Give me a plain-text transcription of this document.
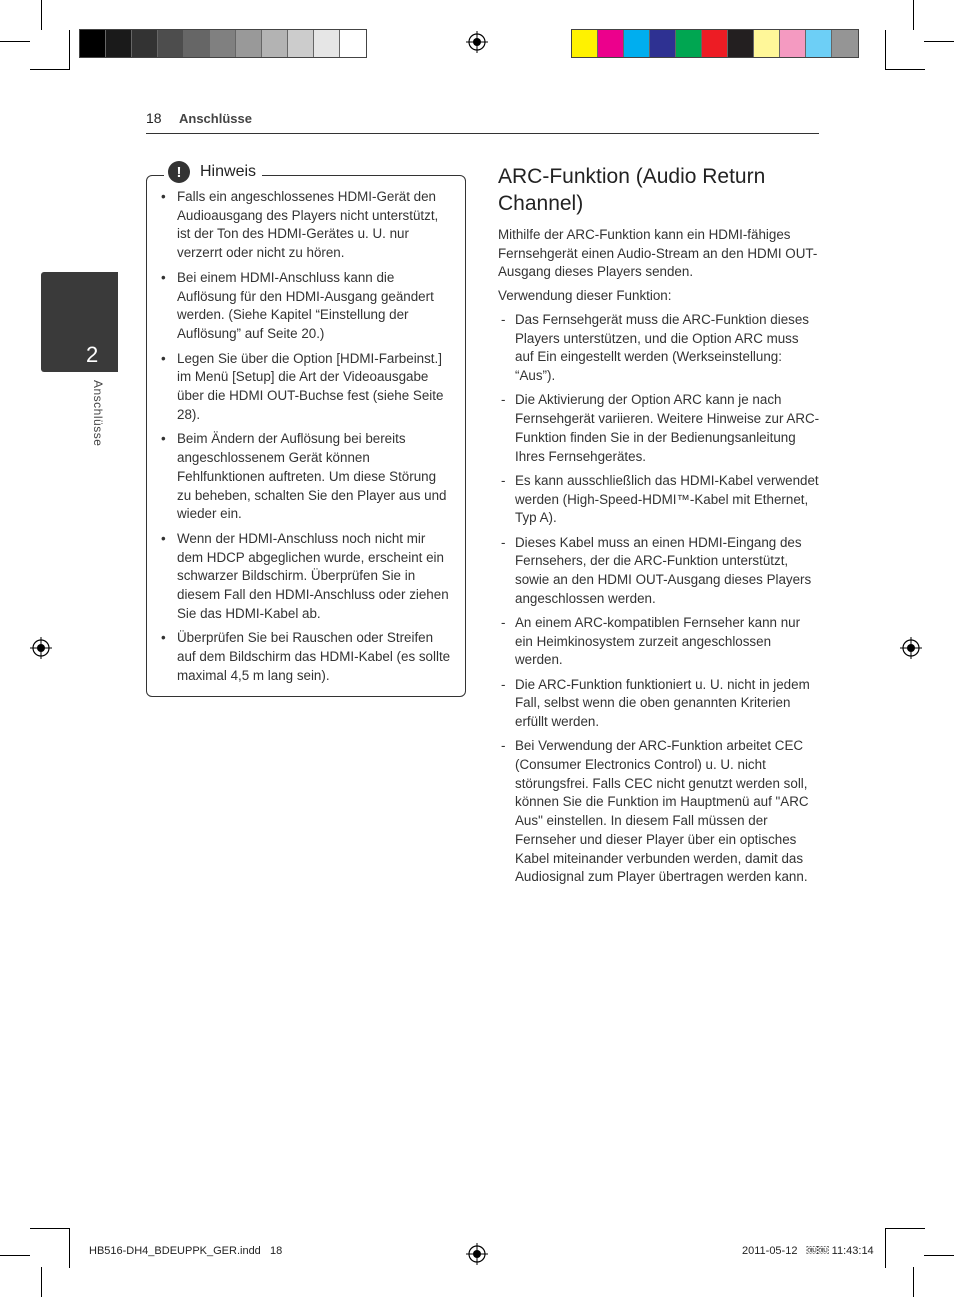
18 Anschlüsse
2
Anschlüsse
!	Hinweis
• Falls ein angeschlossenes HDMI-Gerät den Audioausgang des Players nicht unterstützt, ist der Ton des HDMI-Gerätes u. U. nur verzerrt oder nicht zu hören.
• Bei einem HDMI-Anschluss kann die Auflösung für den HDMI-Ausgang geändert werden. (Siehe Kapitel “Einstellung der Auflösung” auf Seite 20.)
• Legen Sie über die Option [HDMI-Farbeinst.] im Menü [Setup] die Art der Videoausgabe über die HDMI OUT-Buchse fest (siehe Seite 28).
• Beim Ändern der Auflösung bei bereits angeschlossenem Gerät können Fehlfunktionen auftreten. Um diese Störung zu beheben, schalten Sie den Player aus und wieder ein.
• Wenn der HDMI-Anschluss noch nicht mir dem HDCP abgeglichen wurde, erscheint ein schwarzer Bildschirm. Überprüfen Sie in diesem Fall den HDMI-Anschluss oder ziehen Sie das HDMI-Kabel ab.
• Überprüfen Sie bei Rauschen oder Streifen auf dem Bildschirm das HDMI-Kabel (es sollte maximal 4,5 m lang sein).
ARC-Funktion (Audio Return Channel)

Mithilfe der ARC-Funktion kann ein HDMI-fähiges Fernsehgerät einen Audio-Stream an den HDMI OUT-Ausgang dieses Players senden.

Verwendung dieser Funktion:

- Das Fernsehgerät muss die ARC-Funktion dieses Players unterstützen, und die Option ARC muss auf Ein eingestellt werden (Werkseinstellung: “Aus”).
- Die Aktivierung der Option ARC kann je nach Fernsehgerät variieren. Weitere Hinweise zur ARC-Funktion finden Sie in der Bedienungsanleitung Ihres Fernsehgerätes.
- Es kann ausschließlich das HDMI-Kabel verwendet werden (High-Speed-HDMI™-Kabel mit Ethernet, Typ A).
- Dieses Kabel muss an einen HDMI-Eingang des Fernsehers, der die ARC-Funktion unterstützt, sowie an den HDMI OUT-Ausgang dieses Players angeschlossen werden.
- An einem ARC-kompatiblen Fernseher kann nur ein Heimkinosystem zurzeit angeschlossen werden.
- Die ARC-Funktion funktioniert u. U. nicht in jedem Fall, selbst wenn die oben genannten Kriterien erfüllt werden.
- Bei Verwendung der ARC-Funktion arbeitet CEC (Consumer Electronics Control) u. U. nicht störungsfrei. Falls CEC nicht genutzt werden soll, können Sie die Funktion im Hauptmenü auf "ARC Aus" einstellen. In diesem Fall müssen der Fernseher und dieser Player über ein optisches Kabel miteinander verbunden werden, damit das Audiosignal zum Player übertragen werden kann.
HB516-DH4_BDEUPPK_GER.indd   18	2011-05-12   ￼￼ 11:43:14
